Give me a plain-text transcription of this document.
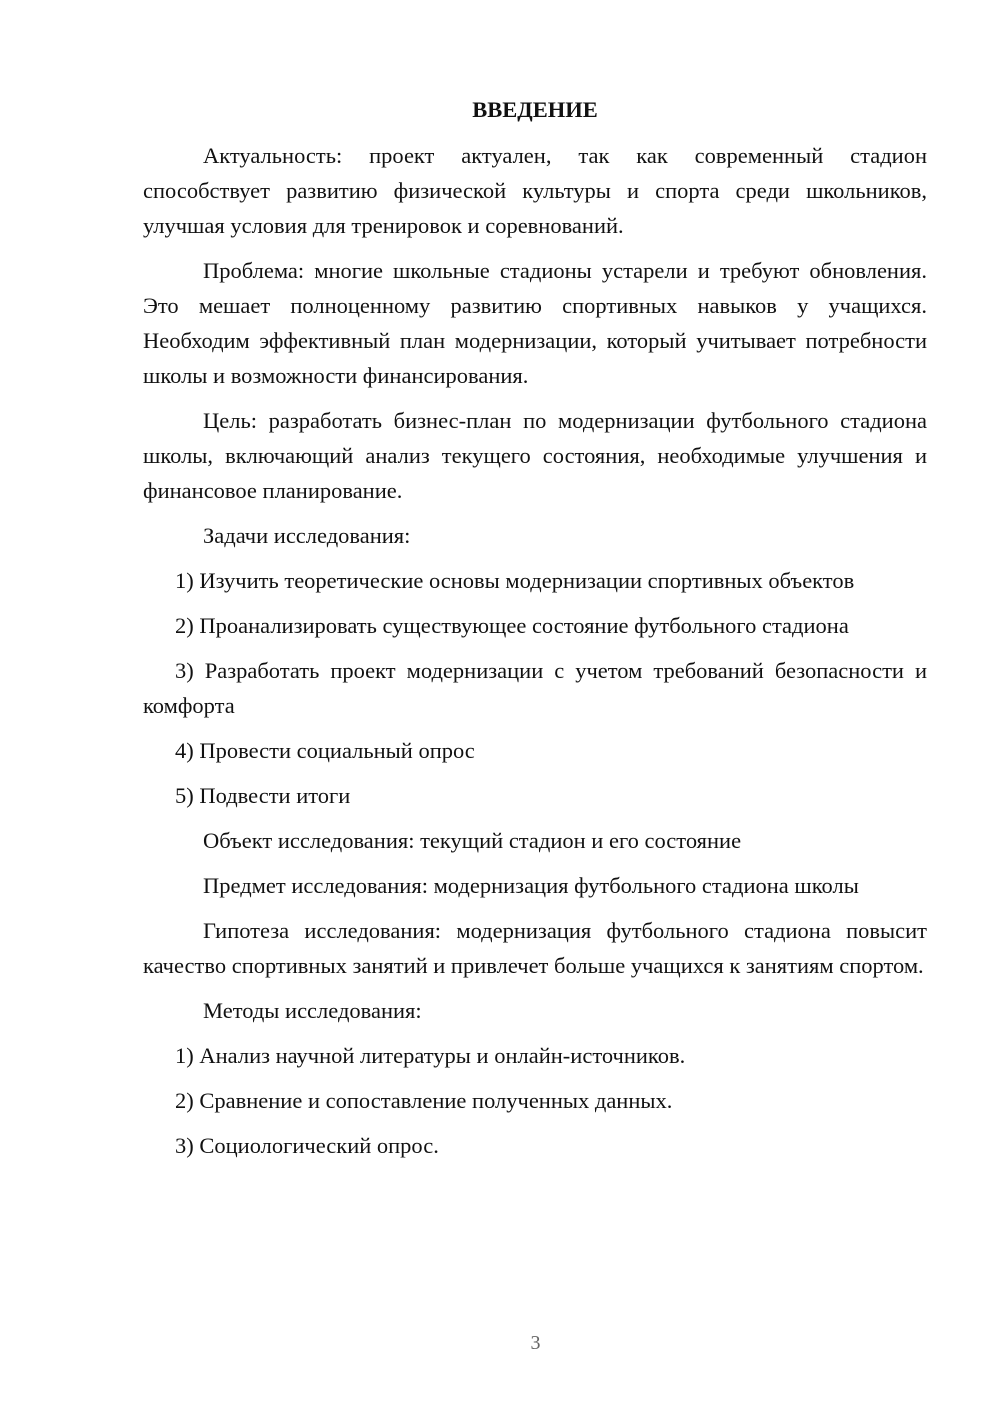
ВВЕДЕНИЕ

Актуальность: проект актуален, так как современный стадион способствует развитию физической культуры и спорта среди школьников, улучшая условия для тренировок и соревнований.

Проблема: многие школьные стадионы устарели и требуют обновления. Это мешает полноценному развитию спортивных навыков у учащихся. Необходим эффективный план модернизации, который учитывает потребности школы и возможности финансирования.

Цель: разработать бизнес-план по модернизации футбольного стадиона школы, включающий анализ текущего состояния, необходимые улучшения и финансовое планирование.

Задачи исследования:

1) Изучить теоретические основы модернизации спортивных объектов

2) Проанализировать существующее состояние футбольного стадиона

3) Разработать проект модернизации с учетом требований безопасности и комфорта

4) Провести социальный опрос

5) Подвести итоги

Объект исследования: текущий стадион и его состояние

Предмет исследования: модернизация футбольного стадиона школы

Гипотеза исследования: модернизация футбольного стадиона повысит качество спортивных занятий и привлечет больше учащихся к занятиям спортом.

Методы исследования:

1) Анализ научной литературы и онлайн-источников.

2) Сравнение и сопоставление полученных данных.

3) Социологический опрос.

3
